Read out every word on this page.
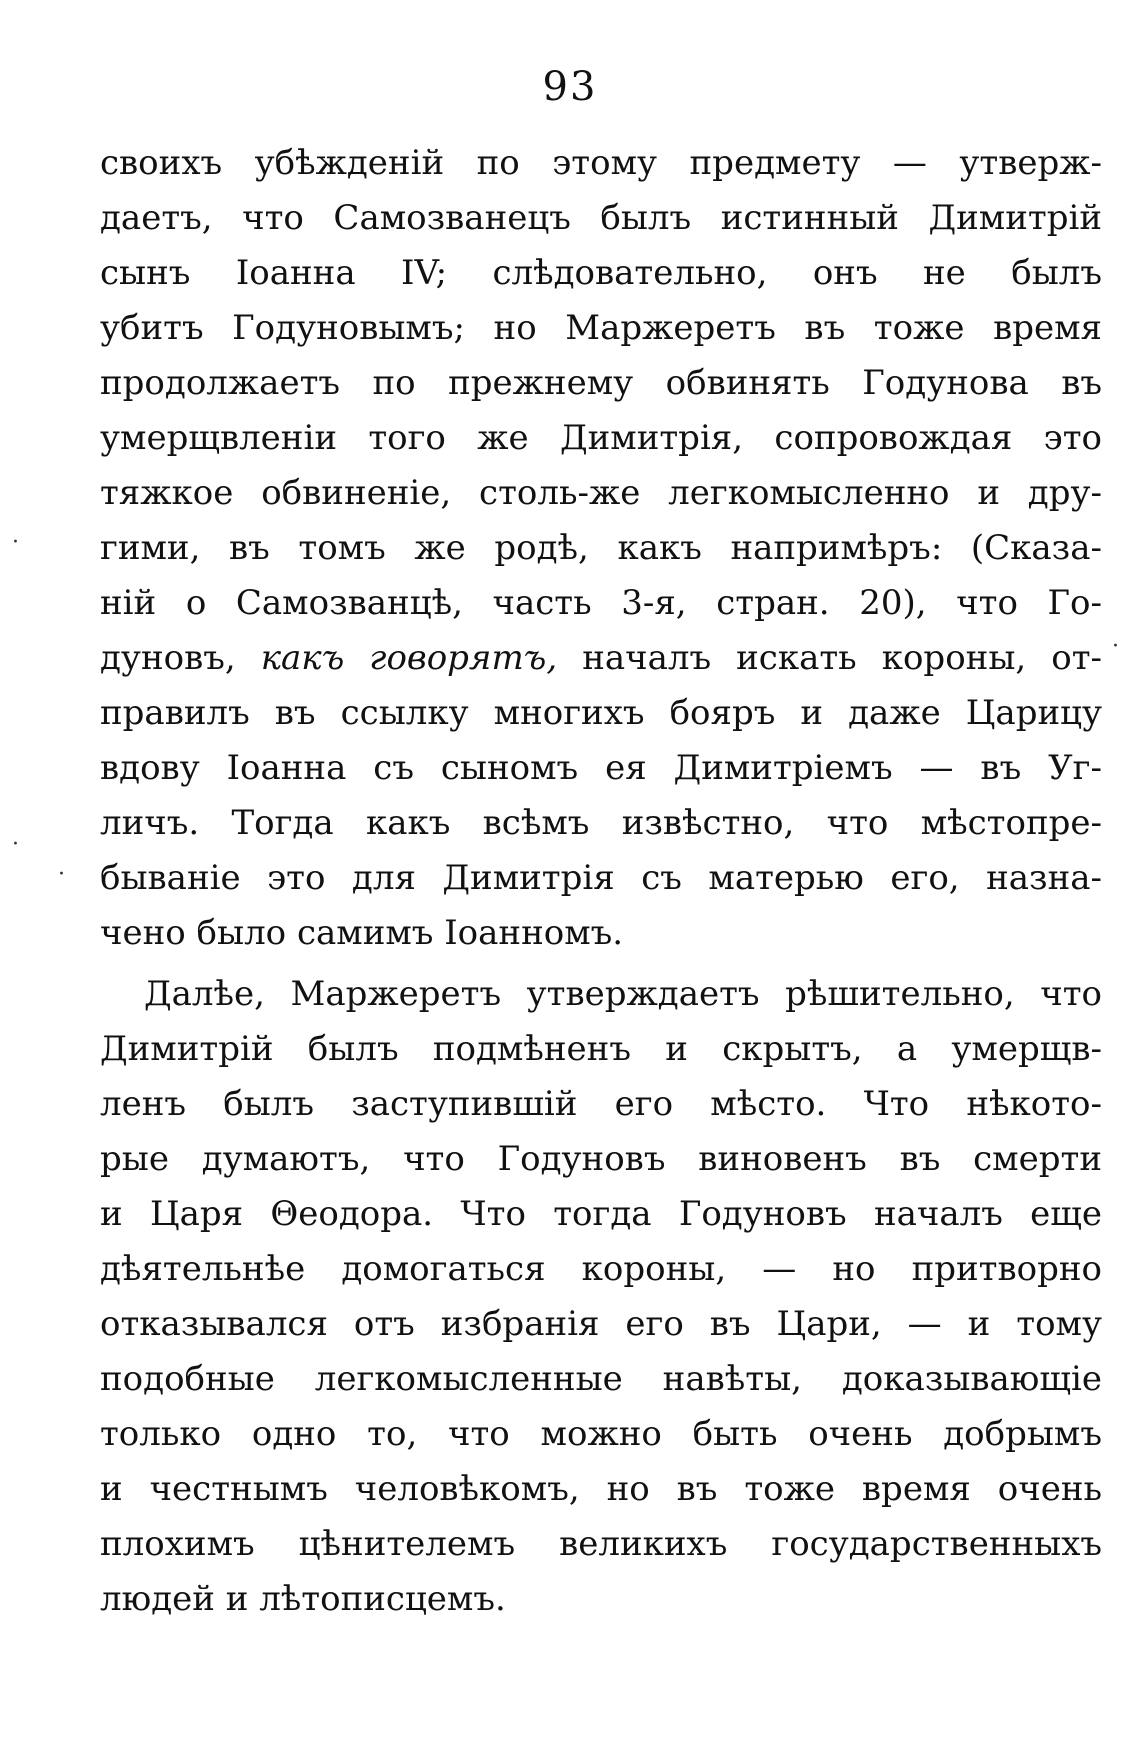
93
·
·
·
·
своихъ убѣжденiй по этому предмету — утверж-
даетъ, что Самозванецъ былъ истинный Димитрiй
сынъ Iоанна IV; слѣдовательно, онъ не былъ
убитъ Годуновымъ; но Маржеретъ въ тоже время
продолжаетъ по прежнему обвинять Годунова въ
умерщвленiи того же Димитрiя, сопровождая это
тяжкое обвиненiе, столь-же легкомысленно и дру-
гими, въ томъ же родѣ, какъ напримѣръ: (Сказа-
нiй о Самозванцѣ, часть 3-я, стран. 20), что Го-
дуновъ, какъ говорятъ, началъ искать короны, от-
правилъ въ ссылку многихъ бояръ и даже Царицу
вдову Iоанна съ сыномъ ея Димитрiемъ — въ Уг-
личъ. Тогда какъ всѣмъ извѣстно, что мѣстопре-
бываніе это для Димитрiя съ матерью его, назна-
чено было самимъ Iоанномъ.
Далѣе, Маржеретъ утверждаетъ рѣшительно, что
Димитрiй былъ подмѣненъ и скрытъ, а умерщв-
ленъ былъ заступившiй его мѣсто. Что нѣкото-
рые думаютъ, что Годуновъ виновенъ въ смерти
и Царя Θеодора. Что тогда Годуновъ началъ еще
дѣятельнѣе домогаться короны, — но притворно
отказывался отъ избранiя его въ Цари, — и тому
подобные легкомысленные навѣты, доказывающiе
только одно то, что можно быть очень добрымъ
и честнымъ человѣкомъ, но въ тоже время очень
плохимъ цѣнителемъ великихъ государственныхъ
людей и лѣтописцемъ.
